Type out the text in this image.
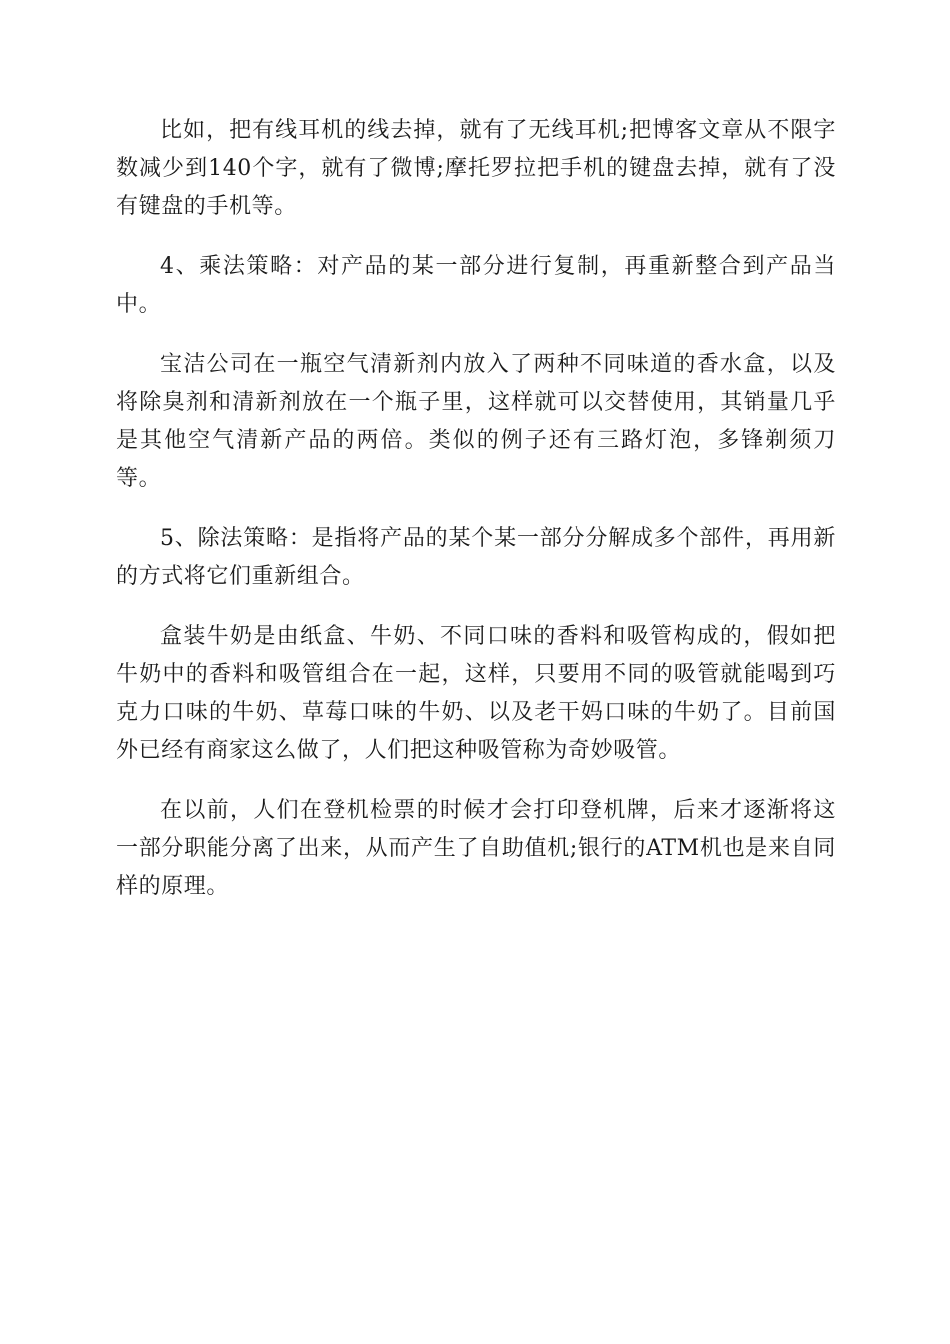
比如，把有线耳机的线去掉，就有了无线耳机;把博客文章从不限字数减少到140个字，就有了微博;摩托罗拉把手机的键盘去掉，就有了没有键盘的手机等。

4、乘法策略：对产品的某一部分进行复制，再重新整合到产品当中。

宝洁公司在一瓶空气清新剂内放入了两种不同味道的香水盒，以及将除臭剂和清新剂放在一个瓶子里，这样就可以交替使用，其销量几乎是其他空气清新产品的两倍。类似的例子还有三路灯泡，多锋剃须刀等。

5、除法策略：是指将产品的某个某一部分分解成多个部件，再用新的方式将它们重新组合。

盒装牛奶是由纸盒、牛奶、不同口味的香料和吸管构成的，假如把牛奶中的香料和吸管组合在一起，这样，只要用不同的吸管就能喝到巧克力口味的牛奶、草莓口味的牛奶、以及老干妈口味的牛奶了。目前国外已经有商家这么做了，人们把这种吸管称为奇妙吸管。

在以前，人们在登机检票的时候才会打印登机牌，后来才逐渐将这一部分职能分离了出来，从而产生了自助值机;银行的ATM机也是来自同样的原理。
